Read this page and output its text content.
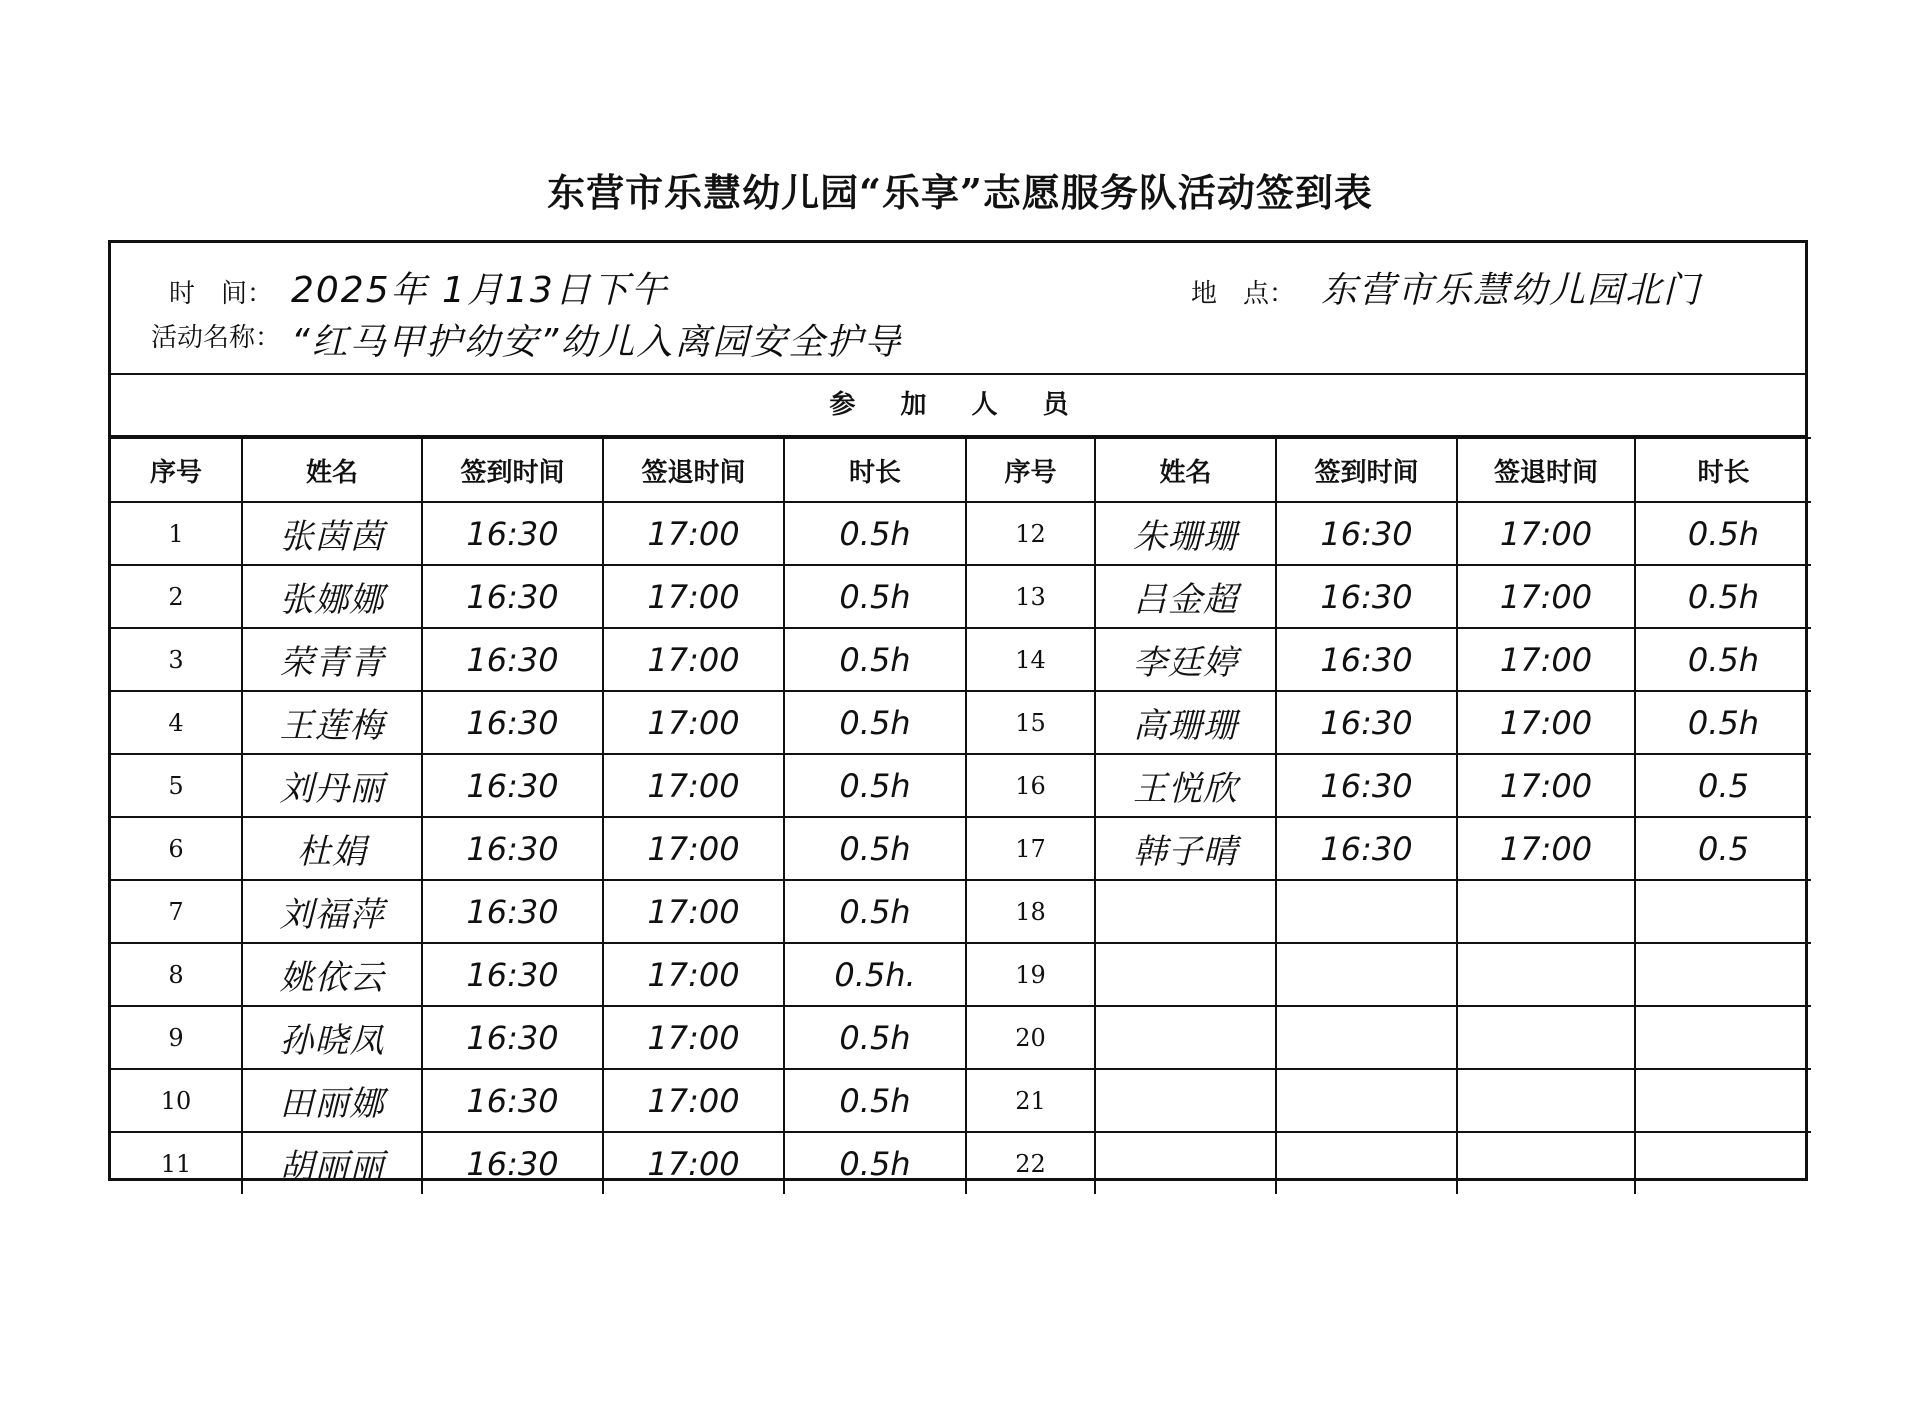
东营市乐慧幼儿园“乐享”志愿服务队活动签到表
时　间： 2025年 1月13日下午	地　点： 东营市乐慧幼儿园北门
活动名称： “红马甲护幼安”幼儿入离园安全护导
参 加 人 员
序号	姓名	签到时间	签退时间	时长	序号	姓名	签到时间	签退时间	时长
1	张茵茵	16:30	17:00	0.5h	12	朱珊珊	16:30	17:00	0.5h
2	张娜娜	16:30	17:00	0.5h	13	吕金超	16:30	17:00	0.5h
3	荣青青	16:30	17:00	0.5h	14	李廷婷	16:30	17:00	0.5h
4	王莲梅	16:30	17:00	0.5h	15	高珊珊	16:30	17:00	0.5h
5	刘丹丽	16:30	17:00	0.5h	16	王悦欣	16:30	17:00	0.5
6	杜娟	16:30	17:00	0.5h	17	韩子晴	16:30	17:00	0.5
7	刘福萍	16:30	17:00	0.5h	18				
8	姚依云	16:30	17:00	0.5h.	19				
9	孙晓凤	16:30	17:00	0.5h	20				
10	田丽娜	16:30	17:00	0.5h	21				
11	胡丽丽	16:30	17:00	0.5h	22				
